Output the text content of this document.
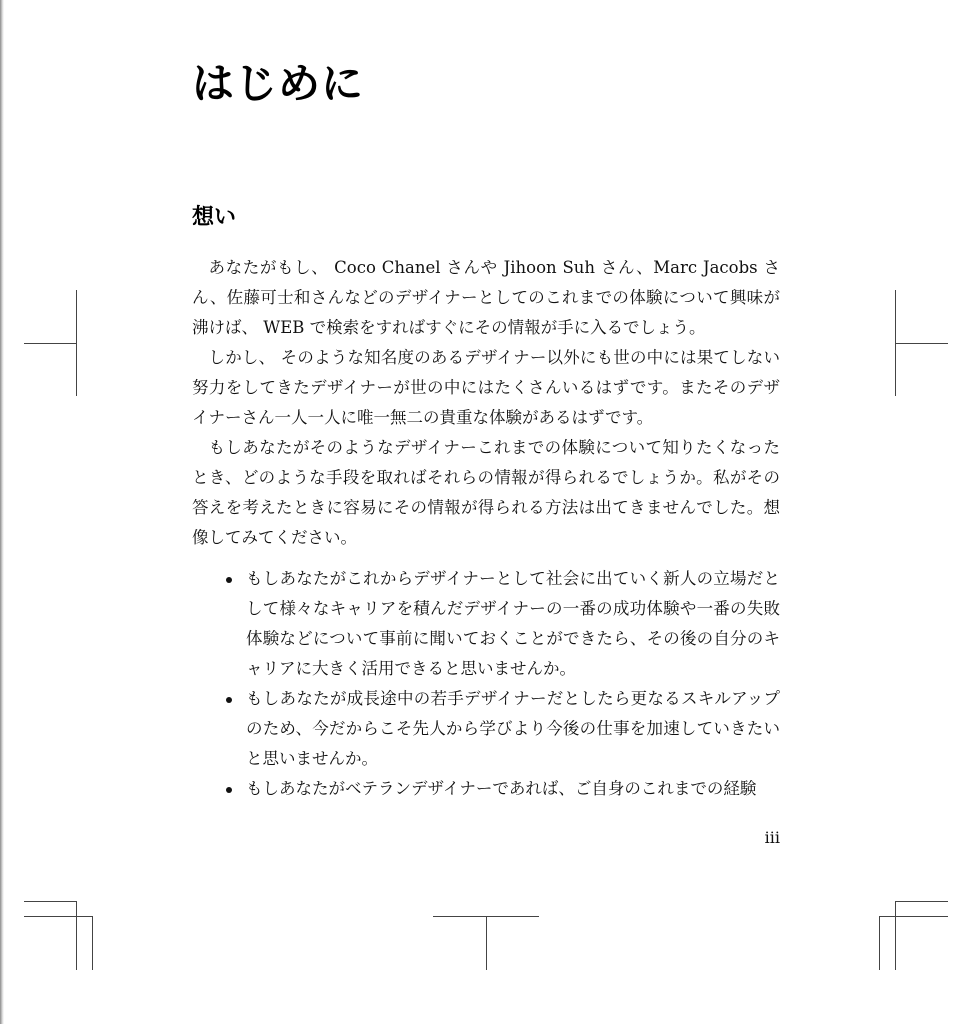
はじめに
想い

あなたがもし、 Coco Chanel さんや Jihoon Suh さん、Marc Jacobs さん、佐藤可士和さんなどのデザイナーとしてのこれまでの体験について興味が沸けば、 WEB で検索をすればすぐにその情報が手に入るでしょう。

しかし、 そのような知名度のあるデザイナー以外にも世の中には果てしない努力をしてきたデザイナーが世の中にはたくさんいるはずです。またそのデザイナーさん一人一人に唯一無二の貴重な体験があるはずです。

もしあなたがそのようなデザイナーこれまでの体験について知りたくなったとき、どのような手段を取ればそれらの情報が得られるでしょうか。私がその答えを考えたときに容易にその情報が得られる方法は出てきませんでした。想像してみてください。

もしあなたがこれからデザイナーとして社会に出ていく新人の立場だとして様々なキャリアを積んだデザイナーの一番の成功体験や一番の失敗体験などについて事前に聞いておくことができたら、その後の自分のキャリアに大きく活用できると思いませんか。
もしあなたが成長途中の若手デザイナーだとしたら更なるスキルアップのため、今だからこそ先人から学びより今後の仕事を加速していきたいと思いませんか。
もしあなたがベテランデザイナーであれば、ご自身のこれまでの経験
iii
